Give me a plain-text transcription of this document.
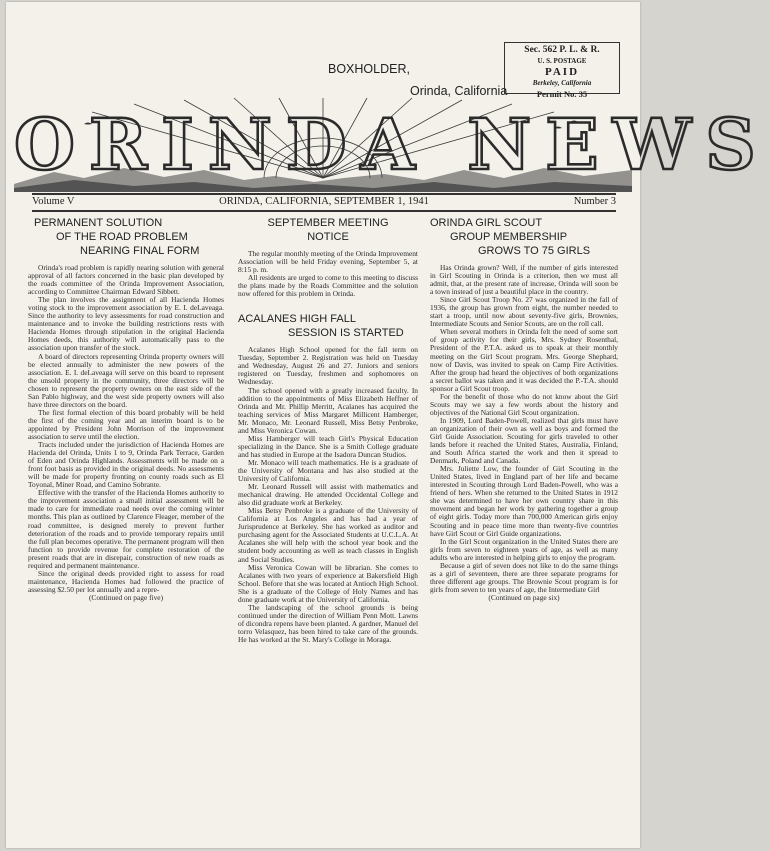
BOXHOLDER,
Orinda, California
Sec. 562 P. L. & R.
U. S. POSTAGE
PAID
Berkeley, California
Permit No. 35
ORINDA NEWS
Volume V	ORINDA, CALIFORNIA, SEPTEMBER 1, 1941	Number 3
PERMANENT SOLUTION
OF THE ROAD PROBLEM
NEARING FINAL FORM

Orinda's road problem is rapidly nearing solution with general approval of all factors concerned in the basic plan developed by the roads committee of the Orinda Improvement Association, according to Committee Chairman Edward Sibbett.

The plan involves the assignment of all Hacienda Homes voting stock to the improvement association by E. I. deLaveaga. Since the authority to levy assessments for road construction and maintenance and to invoke the building restrictions rests with Hacienda Homes through stipulation in the original Hacienda Homes deeds, this authority will automatically pass to the association upon transfer of the stock.

A board of directors representing Orinda property owners will be elected annually to administer the new powers of the association. E. I. deLaveaga will serve on this board to represent the unsold property in the community, three directors will be chosen to represent the property owners on the east side of the San Pablo highway, and the west side property owners will also have three directors on the board.

The first formal election of this board probably will be held the first of the coming year and an interim board is to be appointed by President John Morrison of the improvement association to serve until the election.

Tracts included under the jurisdiction of Hacienda Homes are Hacienda del Orinda, Units 1 to 9, Orinda Park Terrace, Garden of Eden and Orinda Highlands. Assessments will be made on a front foot basis as provided in the original deeds. No assessments will be made for property fronting on county roads such as El Toyonal, Miner Road, and Camino Sobrante.

Effective with the transfer of the Hacienda Homes authority to the improvement association a small initial assessment will be made to care for immediate road needs over the coming winter months. This plan as outlined by Clarence Fleager, member of the road committee, is designed merely to prevent further deterioration of the roads and to provide temporary repairs until the full plan becomes operative. The permanent program will then function to provide revenue for complete restoration of the present roads that are in disrepair, construction of new roads as required and permanent maintenance.

Since the original deeds provided right to assess for road maintenance, Hacienda Homes had followed the practice of assessing $2.50 per lot annually and a repre-

(Continued on page five)

SEPTEMBER MEETING
NOTICE

The regular monthly meeting of the Orinda Improvement Association will be held Friday evening, September 5, at 8:15 p. m.

All residents are urged to come to this meeting to discuss the plans made by the Roads Committee and the solution now offered for this problem in Orinda.

ACALANES HIGH FALL
SESSION IS STARTED

Acalanes High School opened for the fall term on Tuesday, September 2. Registration was held on Tuesday and Wednesday, August 26 and 27. Juniors and seniors registered on Tuesday, freshmen and sophomores on Wednesday.

The school opened with a greatly increased faculty. In addition to the appointments of Miss Elizabeth Heffner of Orinda and Mr. Phillip Merritt, Acalanes has acquired the teaching services of Miss Margaret Millicent Hamberger, Mr. Monaco, Mr. Leonard Russell, Miss Betsy Penbroke, and Miss Veronica Cowan.

Miss Hamberger will teach Girl's Physical Education specializing in the Dance. She is a Smith College graduate and has studied in Europe at the Isadora Duncan Studios.

Mr. Monaco will teach mathematics. He is a graduate of the University of Montana and has also studied at the University of California.

Mr. Leonard Russell will assist with mathematics and mechanical drawing. He attended Occidental College and also did graduate work at Berkeley.

Miss Betsy Penbroke is a graduate of the University of California at Los Angeles and has had a year of Jurisprudence at Berkeley. She has worked as auditor and purchasing agent for the Associated Students at U.C.L.A. At Acalanes she will help with the school year book and the student body accounting as well as teach classes in English and Social Studies.

Miss Veronica Cowan will be librarian. She comes to Acalanes with two years of experience at Bakersfield High School. Before that she was located at Antioch High School. She is a graduate of the College of Holy Names and has done graduate work at the University of California.

The landscaping of the school grounds is being continued under the direction of William Penn Mott. Lawns of dicondra repens have been planted. A gardner, Manuel del torro Velasquez, has been hired to take care of the grounds. He has worked at the St. Mary's College in Moraga.

ORINDA GIRL SCOUT
GROUP MEMBERSHIP
GROWS TO 75 GIRLS

Has Orinda grown? Well, if the number of girls interested in Girl Scouting in Orinda is a criterion, then we must all admit, that, at the present rate of increase, Orinda will soon be a town instead of just a beautiful place in the country.

Since Girl Scout Troop No. 27 was organized in the fall of 1936, the group has grown from eight, the number needed to start a troop, until now about seventy-five girls, Brownies, Intermediate Scouts and Senior Scouts, are on the roll call.

When several mothers in Orinda felt the need of some sort of group activity for their girls, Mrs. Sydney Rosenthal, President of the P.T.A. asked us to speak at their monthly meeting on the Girl Scout program. Mrs. George Shephard, now of Davis, was invited to speak on Camp Fire Activities. After the group had heard the objectives of both organizations a secret ballot was taken and it was decided the P.-T.A. should sponsor a Girl Scout troop.

For the benefit of those who do not know about the Girl Scouts may we say a few words about the history and objectives of the National Girl Scout organization.

In 1909, Lord Baden-Powell, realized that girls must have an organization of their own as well as boys and formed the Girl Guide Association. Scouting for girls traveled to other lands before it reached the United States, Australia, Finland, and South Africa started the work and then it spread to Denmark, Poland and Canada.

Mrs. Juliette Low, the founder of Girl Scouting in the United States, lived in England part of her life and became interested in Scouting through Lord Baden-Powell, who was a friend of hers. When she returned to the United States in 1912 she was determined to have her own country share in this movement and began her work by gathering together a group of eight girls. Today more than 700,000 American girls enjoy Scouting and in peace time more than twenty-five countries have Girl Scout or Girl Guide organizations.

In the Girl Scout organization in the United States there are girls from seven to eighteen years of age, as well as many adults who are interested in helping girls to enjoy the program.

Because a girl of seven does not like to do the same things as a girl of seventeen, there are three separate programs for three different age groups. The Brownie Scout program is for girls from seven to ten years of age, the Intermediate Girl

(Continued on page six)
